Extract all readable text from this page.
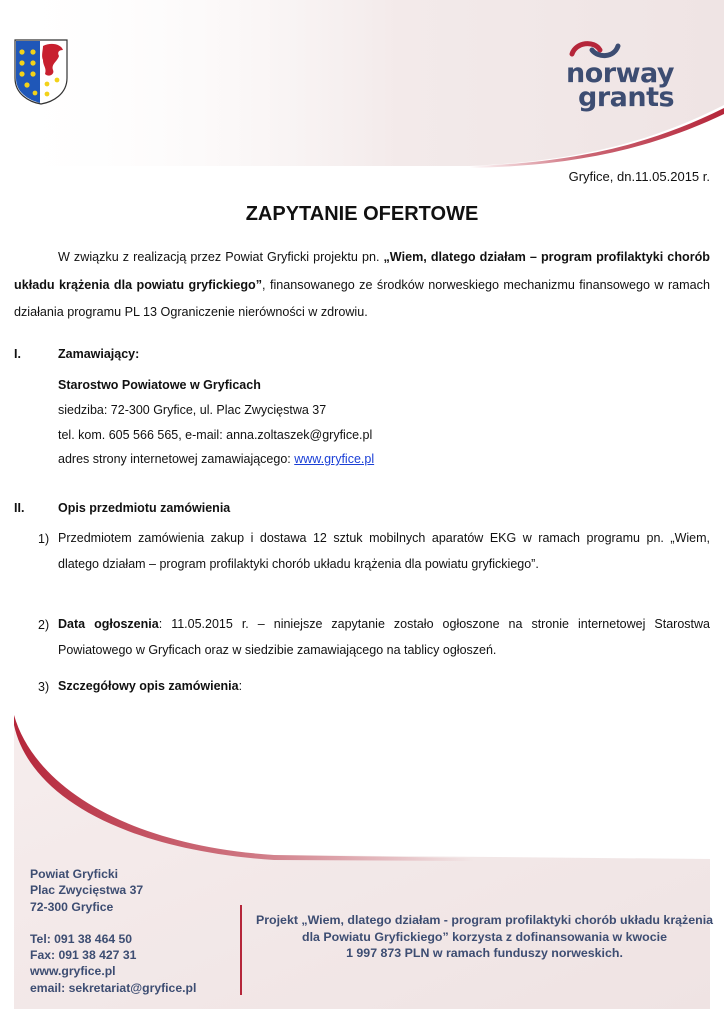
norway
grants
Gryfice, dn.11.05.2015 r.
ZAPYTANIE OFERTOWE
W związku z realizacją przez Powiat Gryficki projektu pn. „Wiem, dlatego działam – program profilaktyki chorób układu krążenia dla powiatu gryfickiego”, finansowanego ze środków norweskiego mechanizmu finansowego w ramach działania programu PL 13 Ograniczenie nierówności w zdrowiu.
I.	Zamawiający:
Starostwo Powiatowe w Gryficach
siedziba: 72-300 Gryfice, ul. Plac Zwycięstwa 37
tel. kom. 605 566 565, e-mail: anna.zoltaszek@gryfice.pl
adres strony internetowej zamawiającego: www.gryfice.pl
II.	Opis przedmiotu zamówienia
1) Przedmiotem zamówienia zakup i dostawa 12 sztuk mobilnych aparatów EKG w ramach programu pn. „Wiem, dlatego działam – program profilaktyki chorób układu krążenia dla powiatu gryfickiego”.
2) Data ogłoszenia: 11.05.2015 r. – niniejsze zapytanie zostało ogłoszone na stronie internetowej Starostwa Powiatowego w Gryficach oraz w siedzibie zamawiającego na tablicy ogłoszeń.
3) Szczegółowy opis zamówienia:
Powiat Gryficki
Plac Zwycięstwa 37
72-300 Gryfice
Tel: 091 38 464 50
Fax: 091 38 427 31
www.gryfice.pl
email: sekretariat@gryfice.pl
Projekt „Wiem, dlatego działam - program profilaktyki chorób układu krążenia
dla Powiatu Gryfickiego” korzysta z dofinansowania w kwocie
1 997 873 PLN w ramach funduszy norweskich.
